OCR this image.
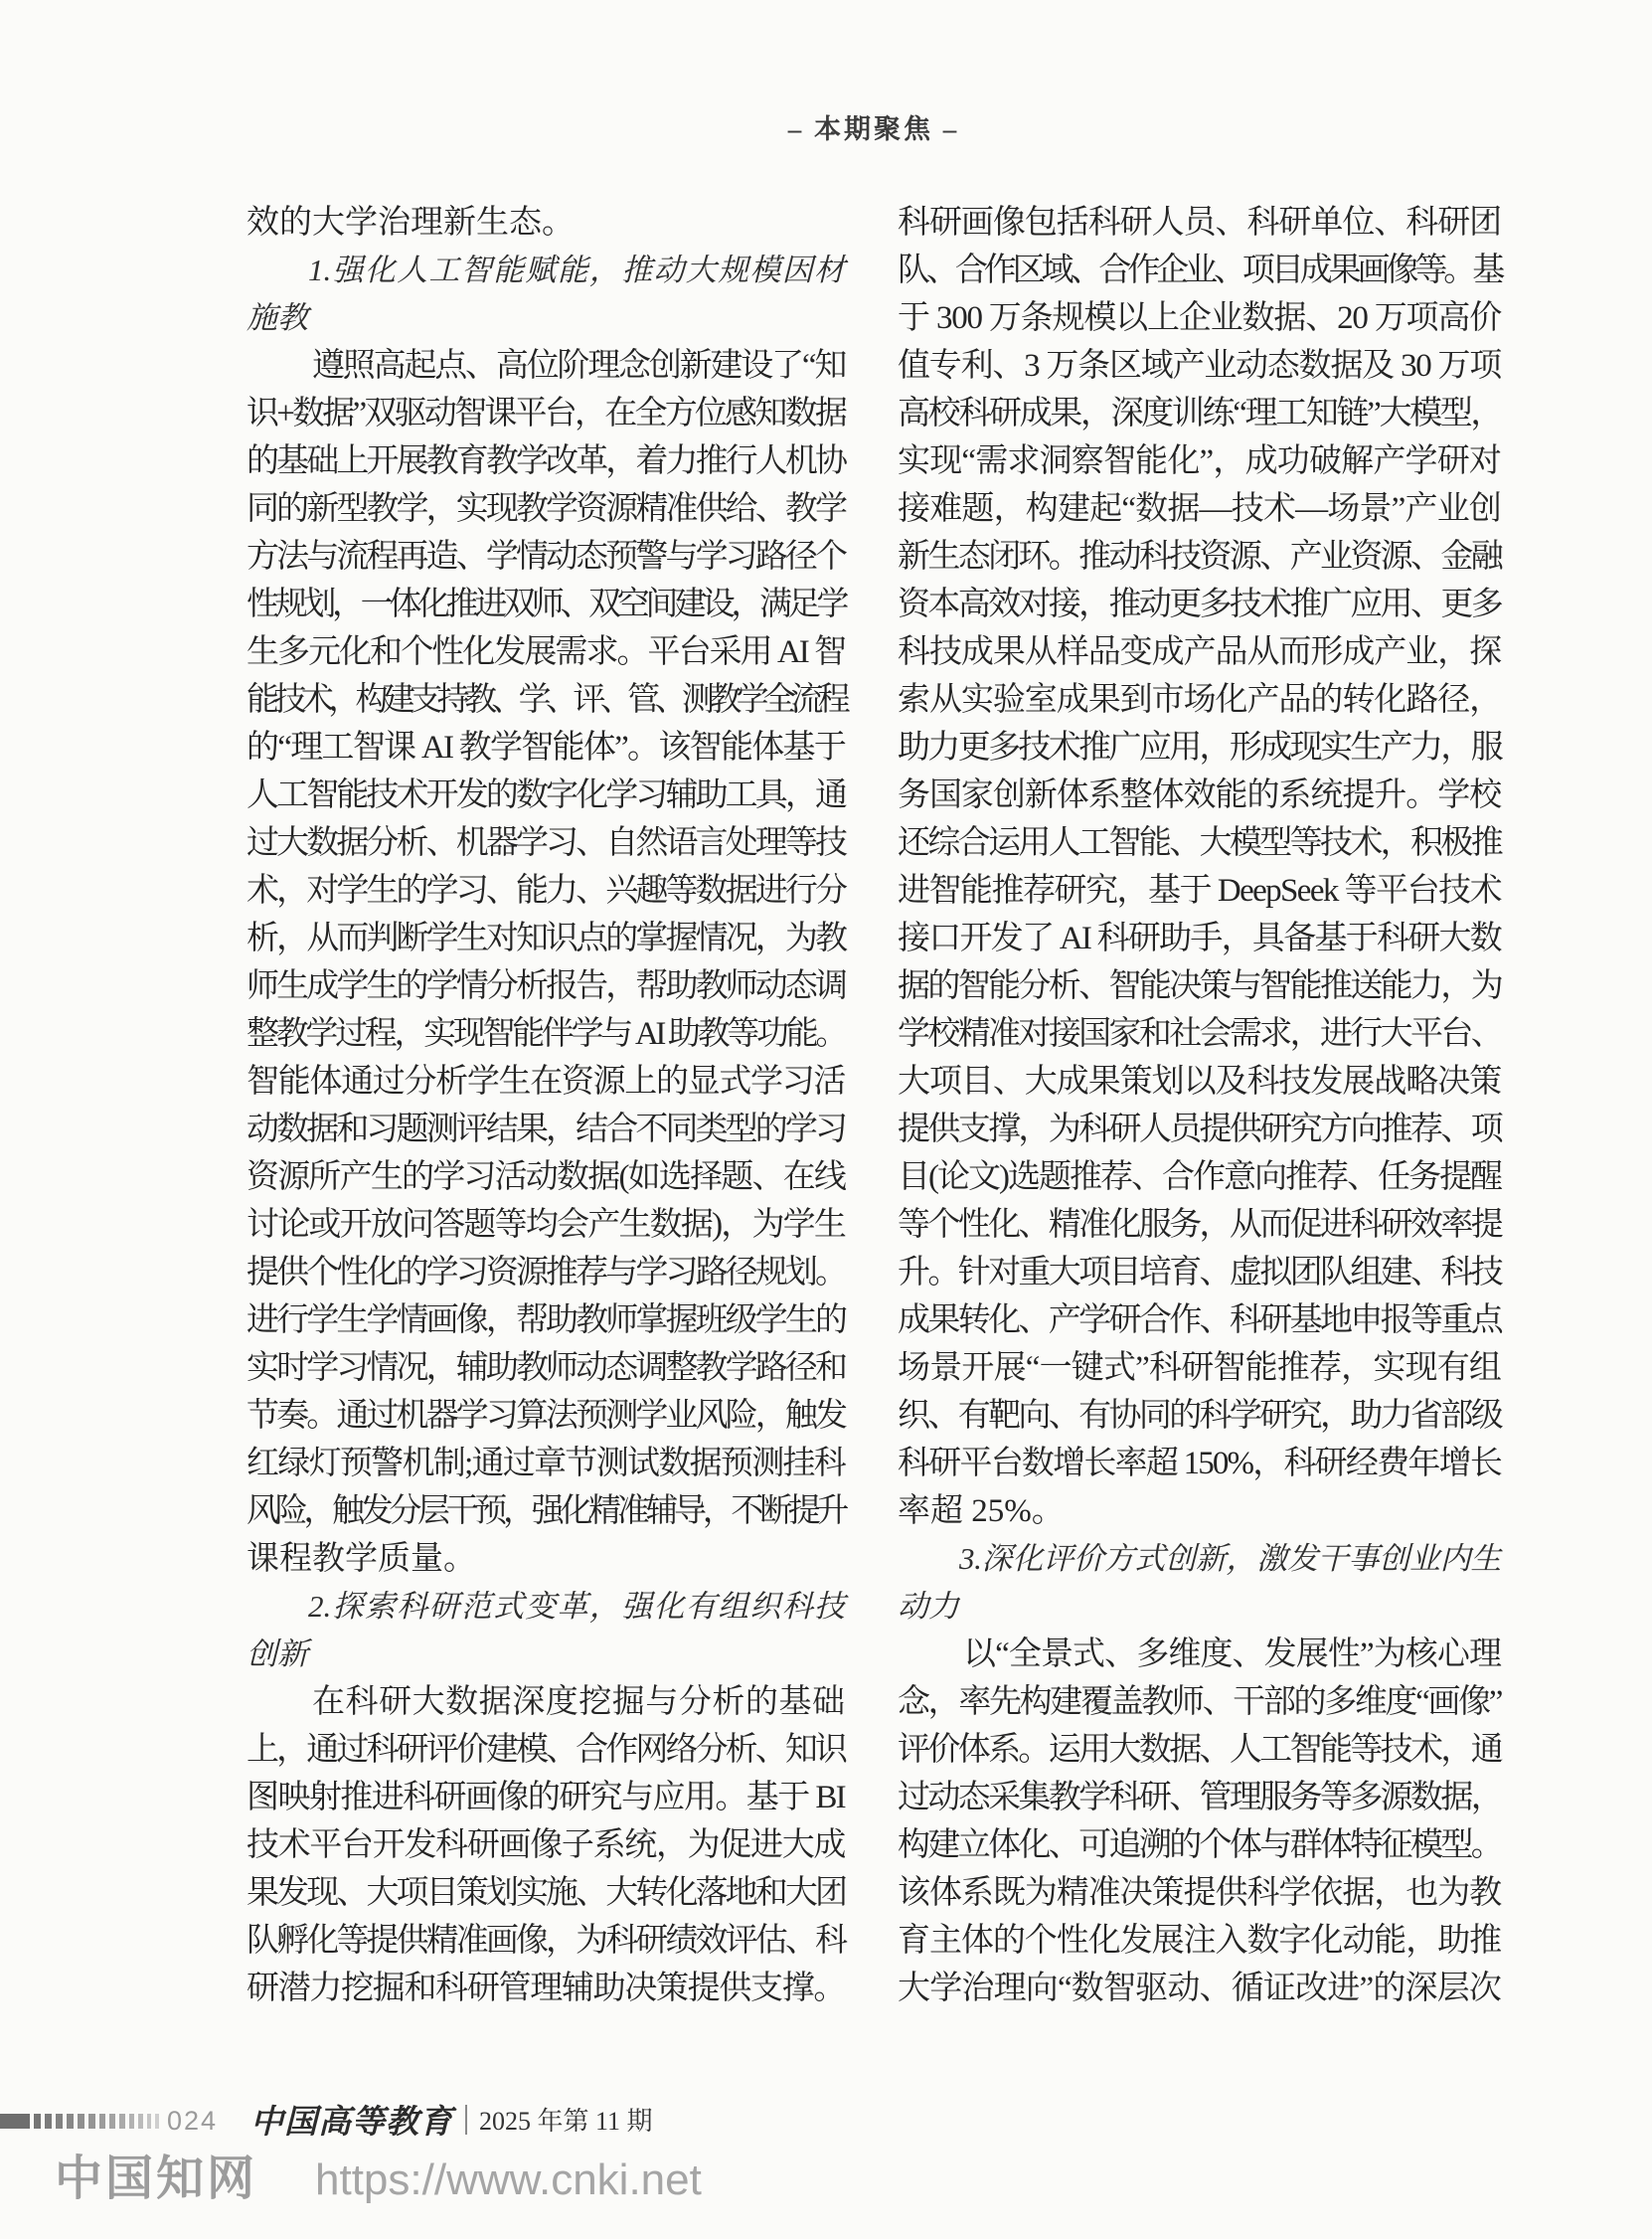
– 本期聚焦 –
效的大学治理新生态。
1.强化人工智能赋能，推动大规模因材
施教
遵照高起点、高位阶理念创新建设了“知
识+数据”双驱动智课平台，在全方位感知数据
的基础上开展教育教学改革，着力推行人机协
同的新型教学，实现教学资源精准供给、教学
方法与流程再造、学情动态预警与学习路径个
性规划，一体化推进双师、双空间建设，满足学
生多元化和个性化发展需求。平台采用 AI 智
能技术，构建支持教、学、评、管、测教学全流程
的“理工智课 AI 教学智能体”。该智能体基于
人工智能技术开发的数字化学习辅助工具，通
过大数据分析、机器学习、自然语言处理等技
术，对学生的学习、能力、兴趣等数据进行分
析，从而判断学生对知识点的掌握情况，为教
师生成学生的学情分析报告，帮助教师动态调
整教学过程，实现智能伴学与 AI 助教等功能。
智能体通过分析学生在资源上的显式学习活
动数据和习题测评结果，结合不同类型的学习
资源所产生的学习活动数据(如选择题、在线
讨论或开放问答题等均会产生数据)，为学生
提供个性化的学习资源推荐与学习路径规划。
进行学生学情画像，帮助教师掌握班级学生的
实时学习情况，辅助教师动态调整教学路径和
节奏。通过机器学习算法预测学业风险，触发
红绿灯预警机制;通过章节测试数据预测挂科
风险，触发分层干预，强化精准辅导，不断提升
课程教学质量。
2.探索科研范式变革，强化有组织科技
创新
在科研大数据深度挖掘与分析的基础
上，通过科研评价建模、合作网络分析、知识
图映射推进科研画像的研究与应用。基于 BI
技术平台开发科研画像子系统，为促进大成
果发现、大项目策划实施、大转化落地和大团
队孵化等提供精准画像，为科研绩效评估、科
研潜力挖掘和科研管理辅助决策提供支撑。
科研画像包括科研人员、科研单位、科研团
队、合作区域、合作企业、项目成果画像等。基
于 300 万条规模以上企业数据、20 万项高价
值专利、3 万条区域产业动态数据及 30 万项
高校科研成果，深度训练“理工知链”大模型，
实现“需求洞察智能化”，成功破解产学研对
接难题，构建起“数据—技术—场景”产业创
新生态闭环。推动科技资源、产业资源、金融
资本高效对接，推动更多技术推广应用、更多
科技成果从样品变成产品从而形成产业，探
索从实验室成果到市场化产品的转化路径，
助力更多技术推广应用，形成现实生产力，服
务国家创新体系整体效能的系统提升。学校
还综合运用人工智能、大模型等技术，积极推
进智能推荐研究，基于 DeepSeek 等平台技术
接口开发了 AI 科研助手，具备基于科研大数
据的智能分析、智能决策与智能推送能力，为
学校精准对接国家和社会需求，进行大平台、
大项目、大成果策划以及科技发展战略决策
提供支撑，为科研人员提供研究方向推荐、项
目(论文)选题推荐、合作意向推荐、任务提醒
等个性化、精准化服务，从而促进科研效率提
升。针对重大项目培育、虚拟团队组建、科技
成果转化、产学研合作、科研基地申报等重点
场景开展“一键式”科研智能推荐，实现有组
织、有靶向、有协同的科学研究，助力省部级
科研平台数增长率超 150%，科研经费年增长
率超 25%。
3.深化评价方式创新，激发干事创业内生
动力
以“全景式、多维度、发展性”为核心理
念，率先构建覆盖教师、干部的多维度“画像”
评价体系。运用大数据、人工智能等技术，通
过动态采集教学科研、管理服务等多源数据，
构建立体化、可追溯的个体与群体特征模型。
该体系既为精准决策提供科学依据，也为教
育主体的个性化发展注入数字化动能，助推
大学治理向“数智驱动、循证改进”的深层次
024 中国高等教育 2025 年第 11 期
中国知网 https://www.cnki.net
